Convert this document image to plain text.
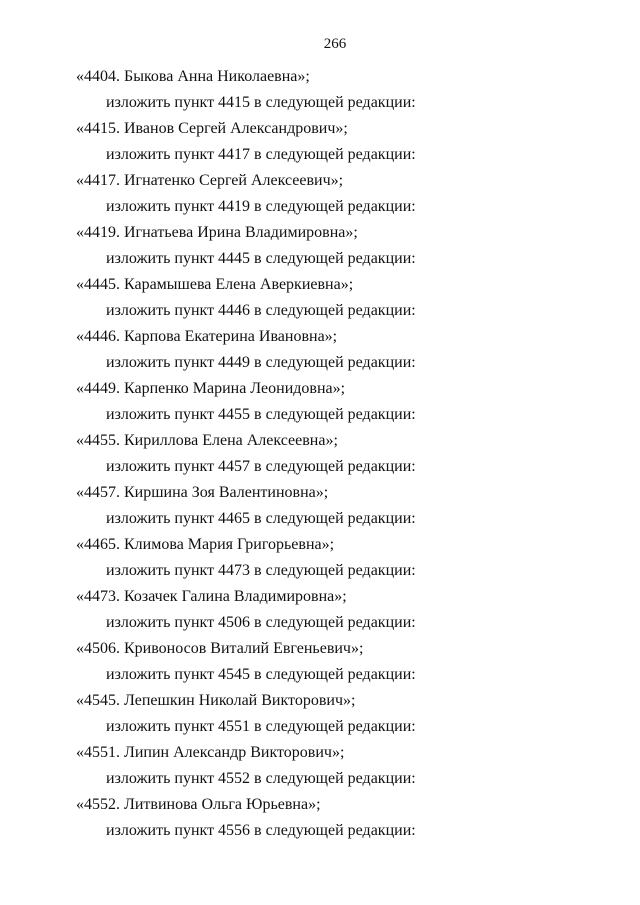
266
«4404. Быкова Анна Николаевна»;
изложить пункт 4415 в следующей редакции:
«4415. Иванов Сергей Александрович»;
изложить пункт 4417 в следующей редакции:
«4417. Игнатенко Сергей Алексеевич»;
изложить пункт 4419 в следующей редакции:
«4419. Игнатьева Ирина Владимировна»;
изложить пункт 4445 в следующей редакции:
«4445. Карамышева Елена Аверкиевна»;
изложить пункт 4446 в следующей редакции:
«4446. Карпова Екатерина Ивановна»;
изложить пункт 4449 в следующей редакции:
«4449. Карпенко Марина Леонидовна»;
изложить пункт 4455 в следующей редакции:
«4455. Кириллова Елена Алексеевна»;
изложить пункт 4457 в следующей редакции:
«4457. Киршина Зоя Валентиновна»;
изложить пункт 4465 в следующей редакции:
«4465. Климова Мария Григорьевна»;
изложить пункт 4473 в следующей редакции:
«4473. Козачек Галина Владимировна»;
изложить пункт 4506 в следующей редакции:
«4506. Кривоносов Виталий Евгеньевич»;
изложить пункт 4545 в следующей редакции:
«4545. Лепешкин Николай Викторович»;
изложить пункт 4551 в следующей редакции:
«4551. Липин Александр Викторович»;
изложить пункт 4552 в следующей редакции:
«4552. Литвинова Ольга Юрьевна»;
изложить пункт 4556 в следующей редакции:
